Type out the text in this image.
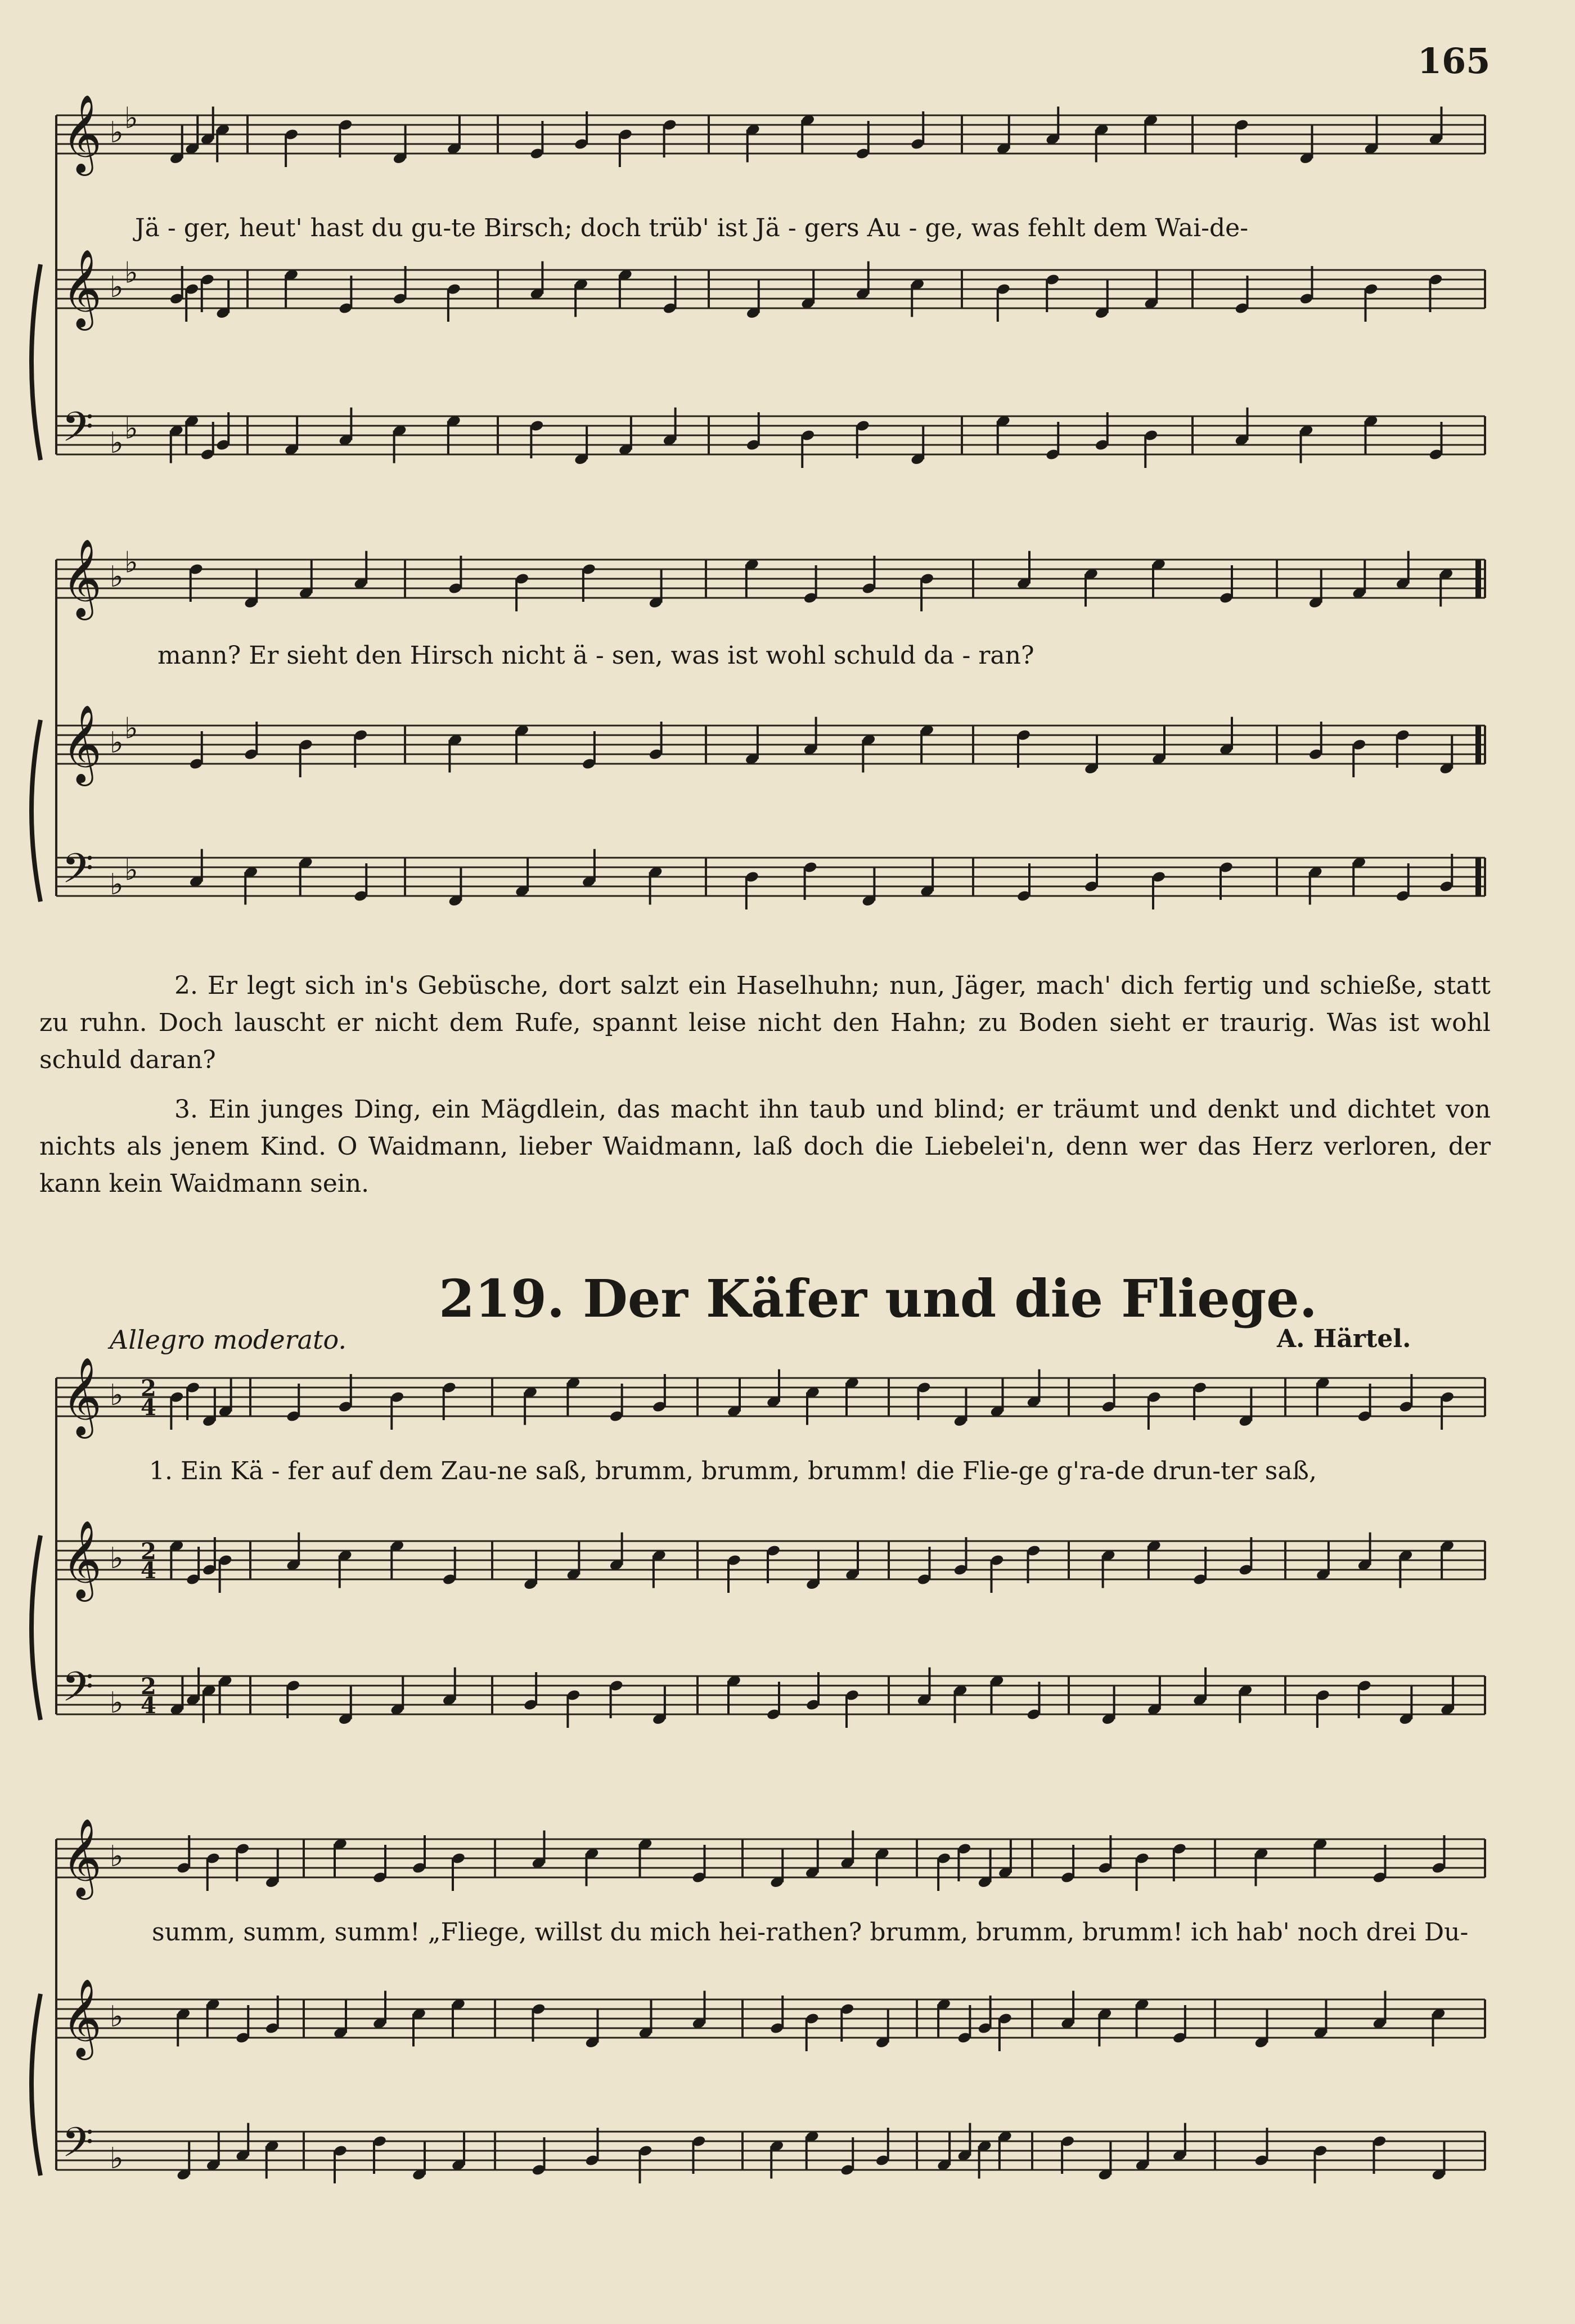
165
𝄞 ♭ ♭
𝄞 ♭ ♭
𝄢 ♭ ♭
𝄞 ♭ ♭
𝄞 ♭ ♭
𝄢 ♭ ♭
𝄞 ♭ 2
4
𝄞 ♭ 2
4
𝄢 ♭ 2
4
𝄞 ♭
𝄞 ♭
𝄢 ♭
Jä - ger, heut' hast du gu-te Birsch; doch trüb' ist Jä - gers Au - ge, was fehlt dem Wai-de-
mann? Er sieht den Hirsch nicht ä - sen, was ist wohl schuld da - ran?
2. Er legt sich in's Gebüsche, dort salzt ein Haselhuhn; nun, Jäger, mach' dich fertig und schieße, statt zu ruhn. Doch lauscht er nicht dem Rufe, spannt leise nicht den Hahn; zu Boden sieht er traurig. Was ist wohl schuld daran?
3. Ein junges Ding, ein Mägdlein, das macht ihn taub und blind; er träumt und denkt und dichtet von nichts als jenem Kind. O Waidmann, lieber Waidmann, laß doch die Liebelei'n, denn wer das Herz verloren, der kann kein Waidmann sein.
219. Der Käfer und die Fliege.
Allegro moderato.	A. Härtel.
1. Ein Kä - fer auf dem Zau-ne saß, brumm, brumm, brumm! die Flie-ge g'ra-de drun-ter saß,
summ, summ, summ! „Fliege, willst du mich hei-rathen? brumm, brumm, brumm! ich hab' noch drei Du-
